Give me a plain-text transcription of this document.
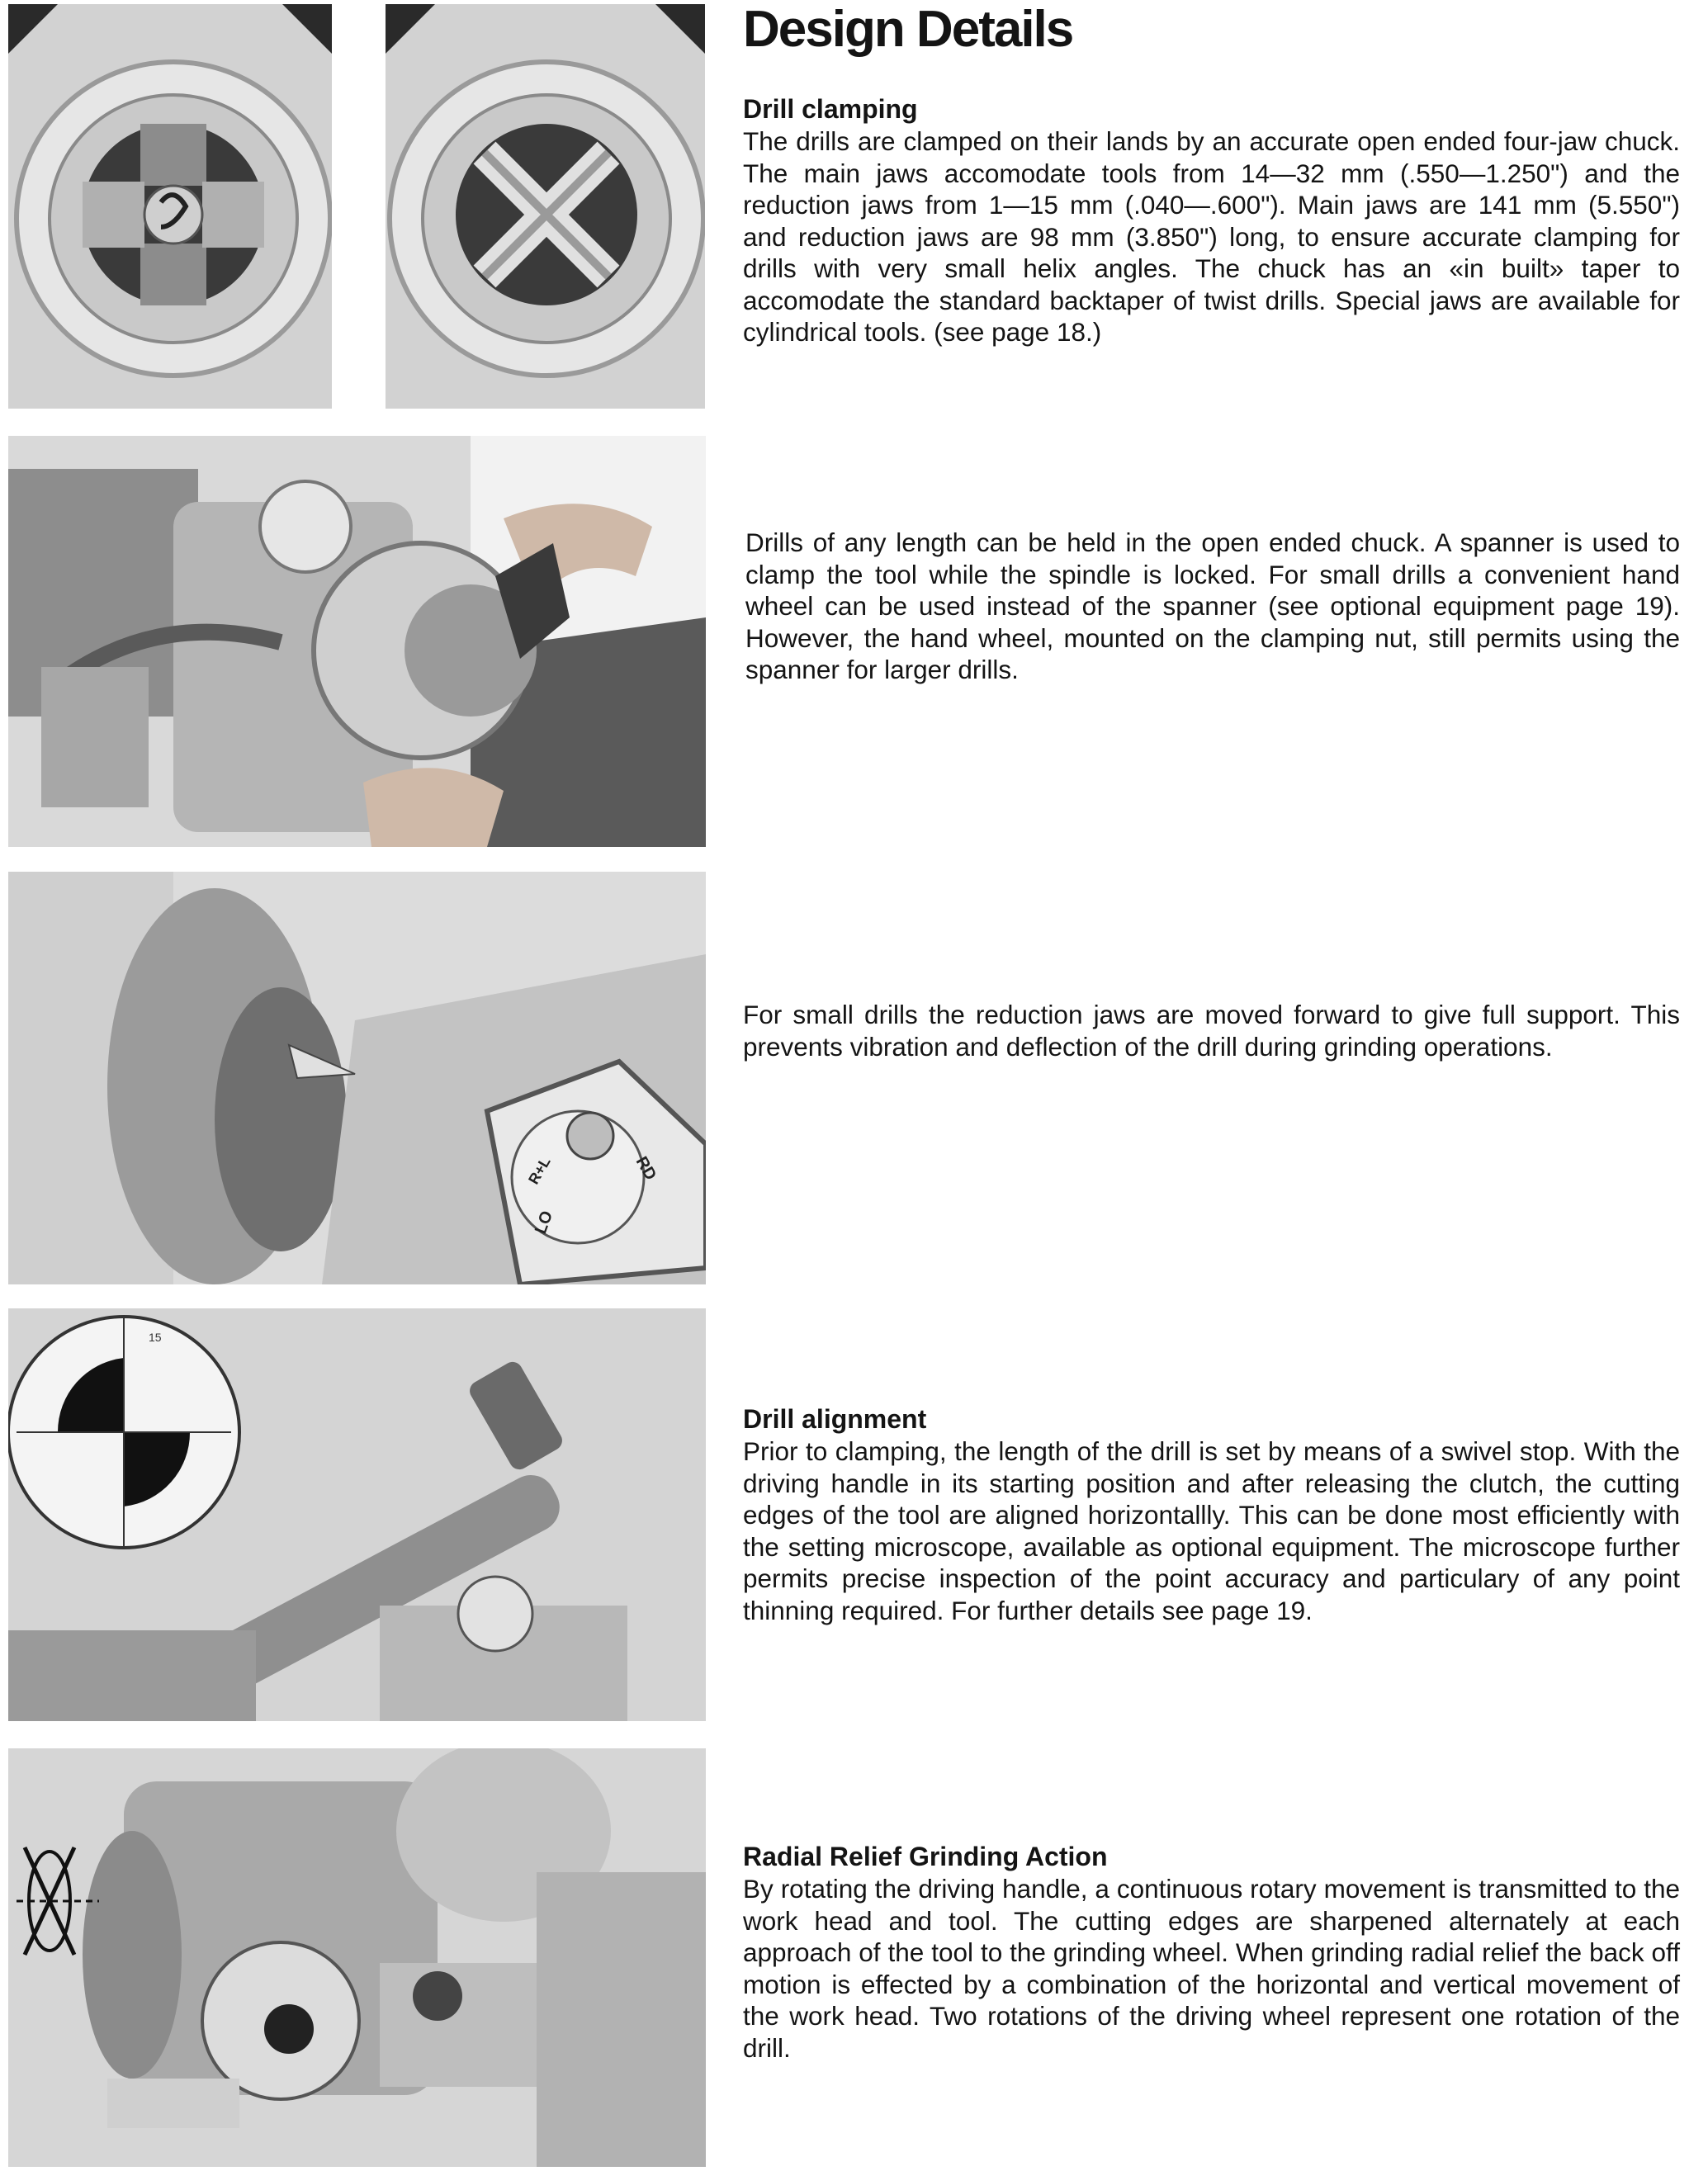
Design Details
Drill clamping

The drills are clamped on their lands by an accurate open ended four-jaw chuck. The main jaws accomodate tools from 14—32 mm (.550—1.250") and the reduction jaws from 1—15 mm (.040—.600"). Main jaws are 141 mm (5.550") and reduction jaws are 98 mm (3.850") long, to ensure accurate clamping for drills with very small helix angles. The chuck has an «in built» taper to accomodate the standard backtaper of twist drills. Special jaws are available for cylindrical tools. (see page 18.)

Drills of any length can be held in the open ended chuck. A spanner is used to clamp the tool while the spindle is locked. For small drills a convenient hand wheel can be used instead of the spanner (see optional equipment page 19). However, the hand wheel, mounted on the clamping nut, still permits using the spanner for larger drills.

RD
LO
R+L

For small drills the reduction jaws are moved forward to give full support. This prevents vibration and deflection of the drill during grinding operations.

15
Drill alignment

Prior to clamping, the length of the drill is set by means of a swivel stop. With the driving handle in its starting position and after releasing the clutch, the cutting edges of the tool are aligned horizontallly. This can be done most efficiently with the setting microscope, available as optional equipment. The microscope further permits precise inspection of the point accuracy and particulary of any point thinning required. For further details see page 19.

Radial Relief Grinding Action

By rotating the driving handle, a continuous rotary movement is transmitted to the work head and tool. The cutting edges are sharpened alternately at each approach of the tool to the grinding wheel. When grinding radial relief the back off motion is effected by a combination of the horizontal and vertical movement of the work head. Two rotations of the driving wheel represent one rotation of the drill.
